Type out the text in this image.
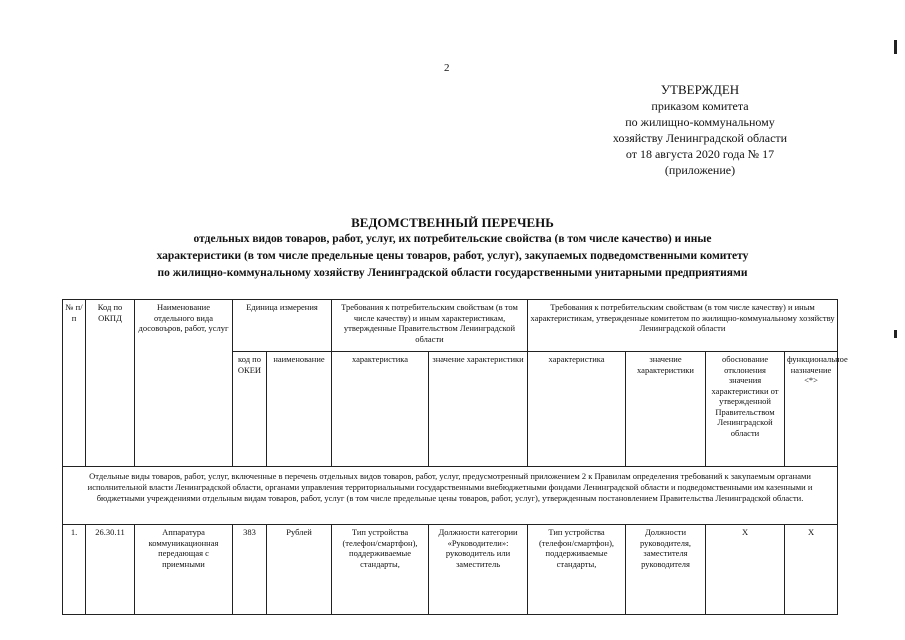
2
УТВЕРЖДЕН
приказом комитета
по жилищно-коммунальному
хозяйству Ленинградской области
от 18 августа 2020 года № 17
(приложение)
ВЕДОМСТВЕННЫЙ ПЕРЕЧЕНЬ
отдельных видов товаров, работ, услуг, их потребительские свойства (в том числе качество) и иные
характеристики (в том числе предельные цены товаров, работ, услуг), закупаемых подведомственными комитету
по жилищно-коммунальному хозяйству Ленинградской области государственными унитарными предприятиями
№ п/п	Код по ОКПД	Наименование отдельного вида досовоъров, работ, услуг	Единица измерения		Требования к потребительским свойствам (в том числе качеству) и иным характеристикам, утвержденные Правительством Ленинградской области		Требования к потребительским свойствам (в том числе качеству) и иным характеристикам, утвержденные комитетом по жилищно-коммунальному хозяйству Ленинградской области			
			код по ОКЕИ	наименование	характеристика	значение характеристики	характеристика	значение характеристики	обоснование отклонения значения характеристики от утвержденной Правительством Ленинградской области	функциональное назначение <*>
Отдельные виды товаров, работ, услуг, включенные в перечень отдельных видов товаров, работ, услуг, предусмотренный приложением 2 к Правилам определения требований к закупаемым органами исполнительной власти Ленинградской области, органами управления территориальными государственными внебюджетными фондами Ленинградской области и подведомственными им казенными и бюджетными учреждениями отдельным видам товаров, работ, услуг (в том числе предельные цены товаров, работ, услуг), утвержденным постановлением Правительства Ленинградской области.										
1.	26.30.11	Аппаратура коммуникационная передающая с приемными	383	Рублей	Тип устройства (телефон/смартфон), поддерживаемые стандарты,	Должности категории «Руководители»: руководитель или заместитель	Тип устройства (телефон/смартфон), поддерживаемые стандарты,	Должности руководителя, заместителя руководителя	X	X
